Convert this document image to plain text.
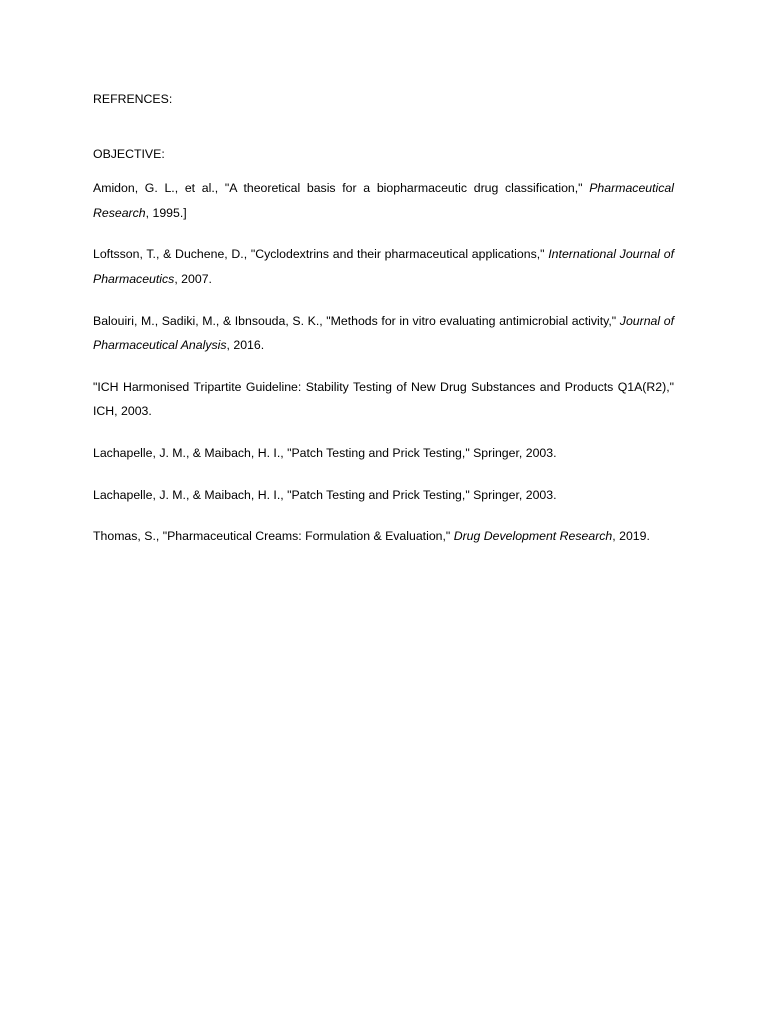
REFRENCES:

OBJECTIVE:

Amidon, G. L., et al., "A theoretical basis for a biopharmaceutic drug classification," Pharmaceutical Research, 1995.]

Loftsson, T., & Duchene, D., "Cyclodextrins and their pharmaceutical applications," International Journal of Pharmaceutics, 2007.

Balouiri, M., Sadiki, M., & Ibnsouda, S. K., "Methods for in vitro evaluating antimicrobial activity," Journal of Pharmaceutical Analysis, 2016.

"ICH Harmonised Tripartite Guideline: Stability Testing of New Drug Substances and Products Q1A(R2)," ICH, 2003.

Lachapelle, J. M., & Maibach, H. I., "Patch Testing and Prick Testing," Springer, 2003.

Lachapelle, J. M., & Maibach, H. I., "Patch Testing and Prick Testing," Springer, 2003.

Thomas, S., "Pharmaceutical Creams: Formulation & Evaluation," Drug Development Research, 2019.
